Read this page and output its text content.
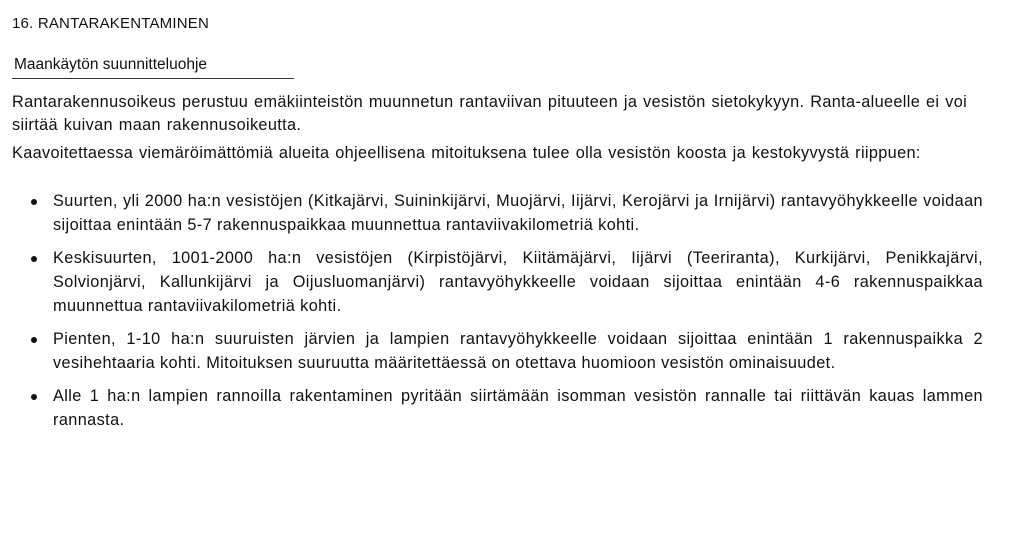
16. RANTARAKENTAMINEN
Maankäytön suunnitteluohje

Rantarakennusoikeus perustuu emäkiinteistön muunnetun rantaviivan pituuteen ja vesistön sietokykyyn. Ranta-alueelle ei voi siirtää kuivan maan rakennusoikeutta.

Kaavoitettaessa viemäröimättömiä alueita ohjeellisena mitoituksena tulee olla vesistön koosta ja kestokyvystä riippuen:

Suurten, yli 2000 ha:n vesistöjen (Kitkajärvi, Suininkijärvi, Muojärvi, Iijärvi, Kerojärvi ja Irnijärvi) rantavyöhykkeelle voidaan sijoittaa enintään 5-7 rakennuspaikkaa muunnettua rantaviivakilometriä kohti.
Keskisuurten, 1001-2000 ha:n vesistöjen (Kirpistöjärvi, Kiitämäjärvi, Iijärvi (Teeriranta), Kurkijärvi, Penikkajärvi, Solvionjärvi, Kallunkijärvi ja Oijusluomanjärvi) rantavyöhykkeelle voidaan sijoittaa enintään 4-6 rakennuspaikkaa muunnettua rantaviivakilometriä kohti.
Pienten, 1-10 ha:n suuruisten järvien ja lampien rantavyöhykkeelle voidaan sijoittaa enintään 1 rakennuspaikka 2 vesihehtaaria kohti. Mitoituksen suuruutta määritettäessä on otettava huomioon vesistön ominaisuudet.
Alle 1 ha:n lampien rannoilla rakentaminen pyritään siirtämään isomman vesistön rannalle tai riittävän kauas lammen rannasta.
